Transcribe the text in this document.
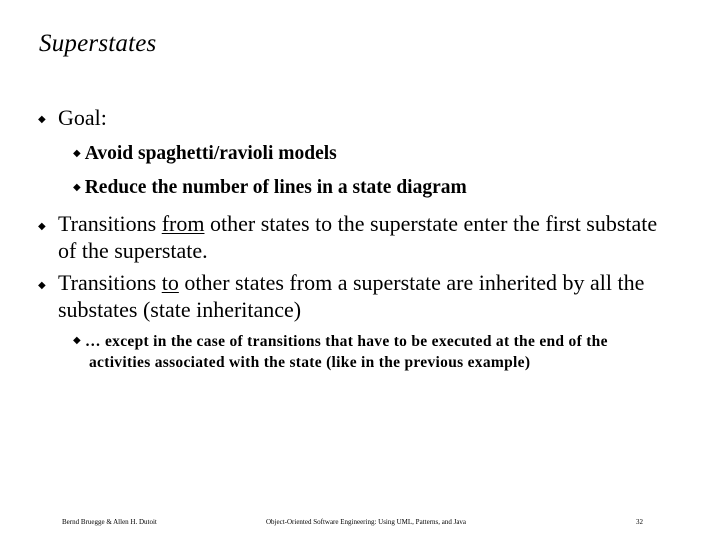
Superstates
◆ Goal:
◆ Avoid spaghetti/ravioli models
◆ Reduce the number of lines in a state diagram
◆ Transitions from other states to the superstate enter the first substate of the superstate.
◆ Transitions to other states from a superstate are inherited by all the substates (state inheritance)
◆ … except in the case of transitions that have to be executed at the end of the activities associated with the state (like in the previous example)
Bernd Bruegge & Allen H. Dutoit	Object-Oriented Software Engineering: Using UML, Patterns, and Java	32
